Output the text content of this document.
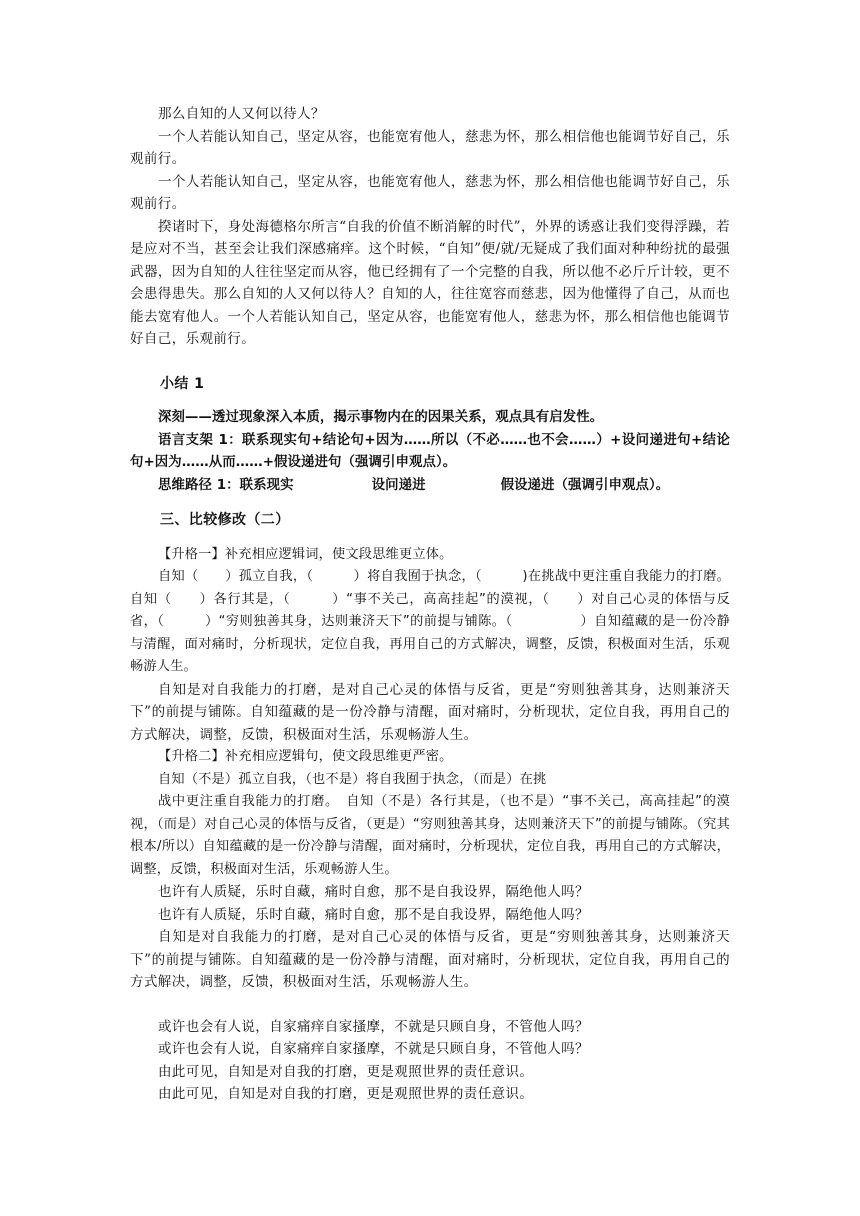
那么自知的人又何以待人？

一个人若能认知自己，坚定从容，也能宽宥他人，慈悲为怀，那么相信他也能调节好自己，乐观前行。

一个人若能认知自己，坚定从容，也能宽宥他人，慈悲为怀，那么相信他也能调节好自己，乐观前行。

揆诸时下，身处海德格尔所言“自我的价值不断消解的时代”，外界的诱惑让我们变得浮躁，若是应对不当，甚至会让我们深感痛痒。这个时候，“自知”便/就/无疑成了我们面对种种纷扰的最强武器，因为自知的人往往坚定而从容，他已经拥有了一个完整的自我，所以他不必斤斤计较，更不会患得患失。那么自知的人又何以待人？自知的人，往往宽容而慈悲，因为他懂得了自己，从而也能去宽宥他人。一个人若能认知自己，坚定从容，也能宽宥他人，慈悲为怀，那么相信他也能调节好自己，乐观前行。

小结 1

深刻——透过现象深入本质，揭示事物内在的因果关系，观点具有启发性。

语言支架 1：联系现实句+结论句+因为……所以（不必……也不会……）+设问递进句+结论句+因为……从而……+假设递进句（强调引申观点）。

思维路径 1：联系现实	设问递进	假设递进（强调引申观点）。

三、比较修改（二）

【升格一】补充相应逻辑词，使文段思维更立体。

自知（　　）孤立自我，（　　　）将自我囿于执念，（　　　)在挑战中更注重自我能力的打磨。自知（　　）各行其是，（　　　）“事不关己，高高挂起”的漠视，（　　）对自己心灵的体悟与反省，（　　　）“穷则独善其身，达则兼济天下”的前提与铺陈。（　　　　　）自知蕴藏的是一份冷静与清醒，面对痛时，分析现状，定位自我，再用自己的方式解决，调整，反馈，积极面对生活，乐观畅游人生。

自知是对自我能力的打磨，是对自己心灵的体悟与反省，更是“穷则独善其身，达则兼济天下”的前提与铺陈。自知蕴藏的是一份冷静与清醒，面对痛时，分析现状，定位自我，再用自己的方式解决，调整，反馈，积极面对生活，乐观畅游人生。

【升格二】补充相应逻辑句，使文段思维更严密。

自知（不是）孤立自我，（也不是）将自我囿于执念，（而是）在挑

战中更注重自我能力的打磨。　自知（不是）各行其是，（也不是）“事不关己，高高挂起”的漠视，（而是）对自己心灵的体悟与反省，（更是）“穷则独善其身，达则兼济天下”的前提与铺陈。（究其根本/所以）自知蕴藏的是一份冷静与清醒，面对痛时，分析现状，定位自我，再用自己的方式解决，调整，反馈，积极面对生活，乐观畅游人生。

也许有人质疑，乐时自藏，痛时自愈，那不是自我设界，隔绝他人吗？

也许有人质疑，乐时自藏，痛时自愈，那不是自我设界，隔绝他人吗？

自知是对自我能力的打磨，是对自己心灵的体悟与反省，更是“穷则独善其身，达则兼济天下”的前提与铺陈。自知蕴藏的是一份冷静与清醒，面对痛时，分析现状，定位自我，再用自己的方式解决，调整，反馈，积极面对生活，乐观畅游人生。

或许也会有人说，自家痛痒自家搔摩，不就是只顾自身，不管他人吗？

或许也会有人说，自家痛痒自家搔摩，不就是只顾自身，不管他人吗？

由此可见，自知是对自我的打磨，更是观照世界的责任意识。

由此可见，自知是对自我的打磨，更是观照世界的责任意识。
